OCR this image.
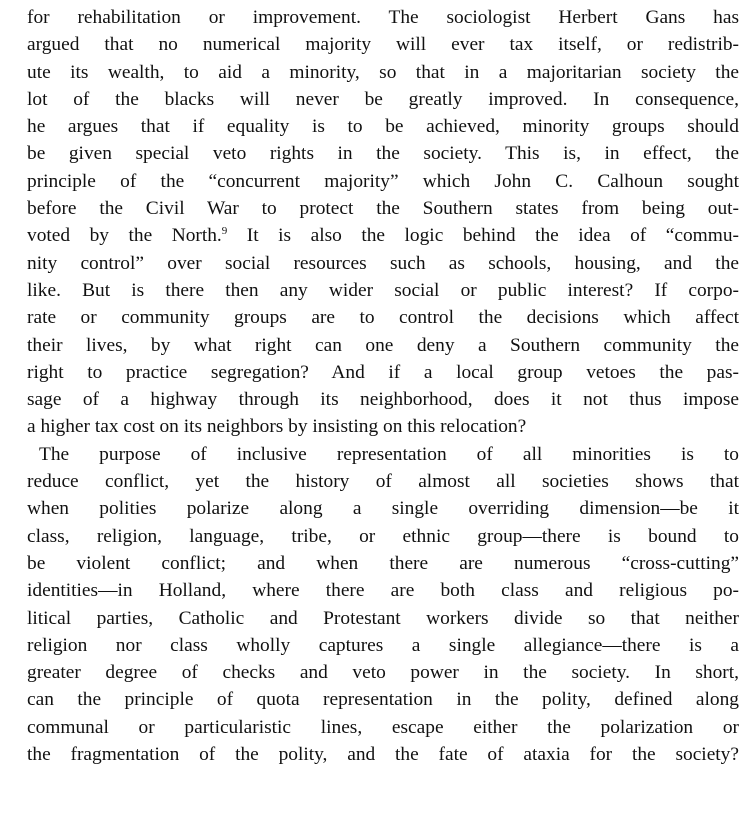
for rehabilitation or improvement. The sociologist Herbert Gans has
argued that no numerical majority will ever tax itself, or redistrib-
ute its wealth, to aid a minority, so that in a majoritarian society the
lot of the blacks will never be greatly improved. In consequence,
he argues that if equality is to be achieved, minority groups should
be given special veto rights in the society. This is, in effect, the
principle of the “concurrent majority” which John C. Calhoun sought
before the Civil War to protect the Southern states from being out-
voted by the North.$^9$ It is also the logic behind the idea of “commu-
nity control” over social resources such as schools, housing, and the
like. But is there then any wider social or public interest? If corpo-
rate or community groups are to control the decisions which affect
their lives, by what right can one deny a Southern community the
right to practice segregation? And if a local group vetoes the pas-
sage of a highway through its neighborhood, does it not thus impose
a higher tax cost on its neighbors by insisting on this relocation?
The purpose of inclusive representation of all minorities is to
reduce conflict, yet the history of almost all societies shows that
when polities polarize along a single overriding dimension—be it
class, religion, language, tribe, or ethnic group—there is bound to
be violent conflict; and when there are numerous “cross-cutting”
identities—in Holland, where there are both class and religious po-
litical parties, Catholic and Protestant workers divide so that neither
religion nor class wholly captures a single allegiance—there is a
greater degree of checks and veto power in the society. In short,
can the principle of quota representation in the polity, defined along
communal or particularistic lines, escape either the polarization or
the fragmentation of the polity, and the fate of ataxia for the society?
